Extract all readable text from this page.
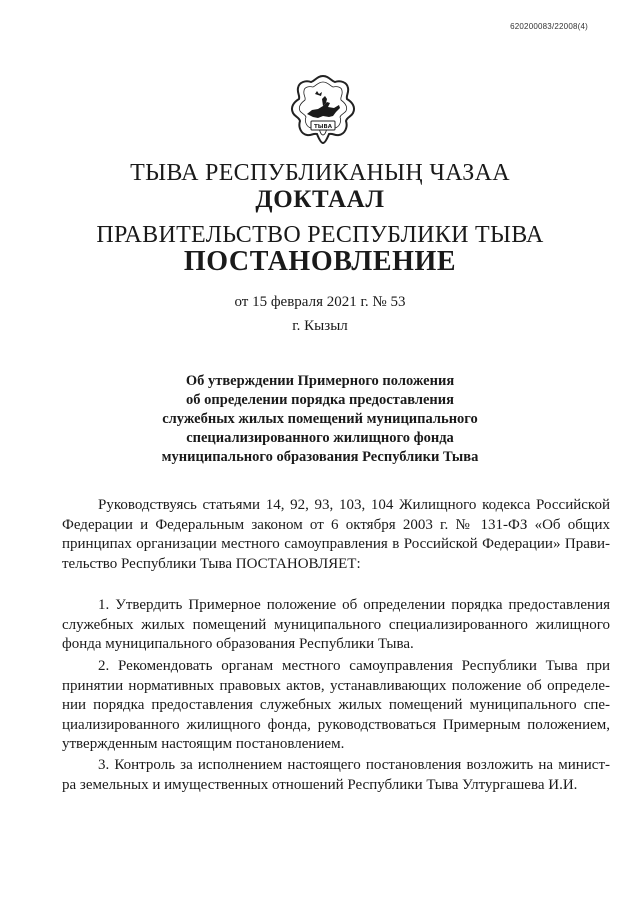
620200083/22008(4)
ТЫВА
ТЫВА РЕСПУБЛИКАНЫҢ ЧАЗАА
ДОКТААЛ
ПРАВИТЕЛЬСТВО РЕСПУБЛИКИ ТЫВА
ПОСТАНОВЛЕНИЕ
от 15 февраля 2021 г. № 53
г. Кызыл
Об утверждении Примерного положения
об определении порядка предоставления
служебных жилых помещений муниципального
специализированного жилищного фонда
муниципального образования Республики Тыва
Руководствуясь статьями 14, 92, 93, 103, 104 Жилищного кодекса Российской
Федерации и Федеральным законом от 6 октября 2003 г. № 131-ФЗ «Об общих
принципах организации местного самоуправления в Российской Федерации» Прави-
тельство Республики Тыва ПОСТАНОВЛЯЕТ:
1. Утвердить Примерное положение об определении порядка предоставления
служебных жилых помещений муниципального специализированного жилищного
фонда муниципального образования Республики Тыва.
2. Рекомендовать органам местного самоуправления Республики Тыва при
принятии нормативных правовых актов, устанавливающих положение об определе-
нии порядка предоставления служебных жилых помещений муниципального спе-
циализированного жилищного фонда, руководствоваться Примерным положением,
утвержденным настоящим постановлением.
3. Контроль за исполнением настоящего постановления возложить на минист-
ра земельных и имущественных отношений Республики Тыва Ултургашева И.И.
